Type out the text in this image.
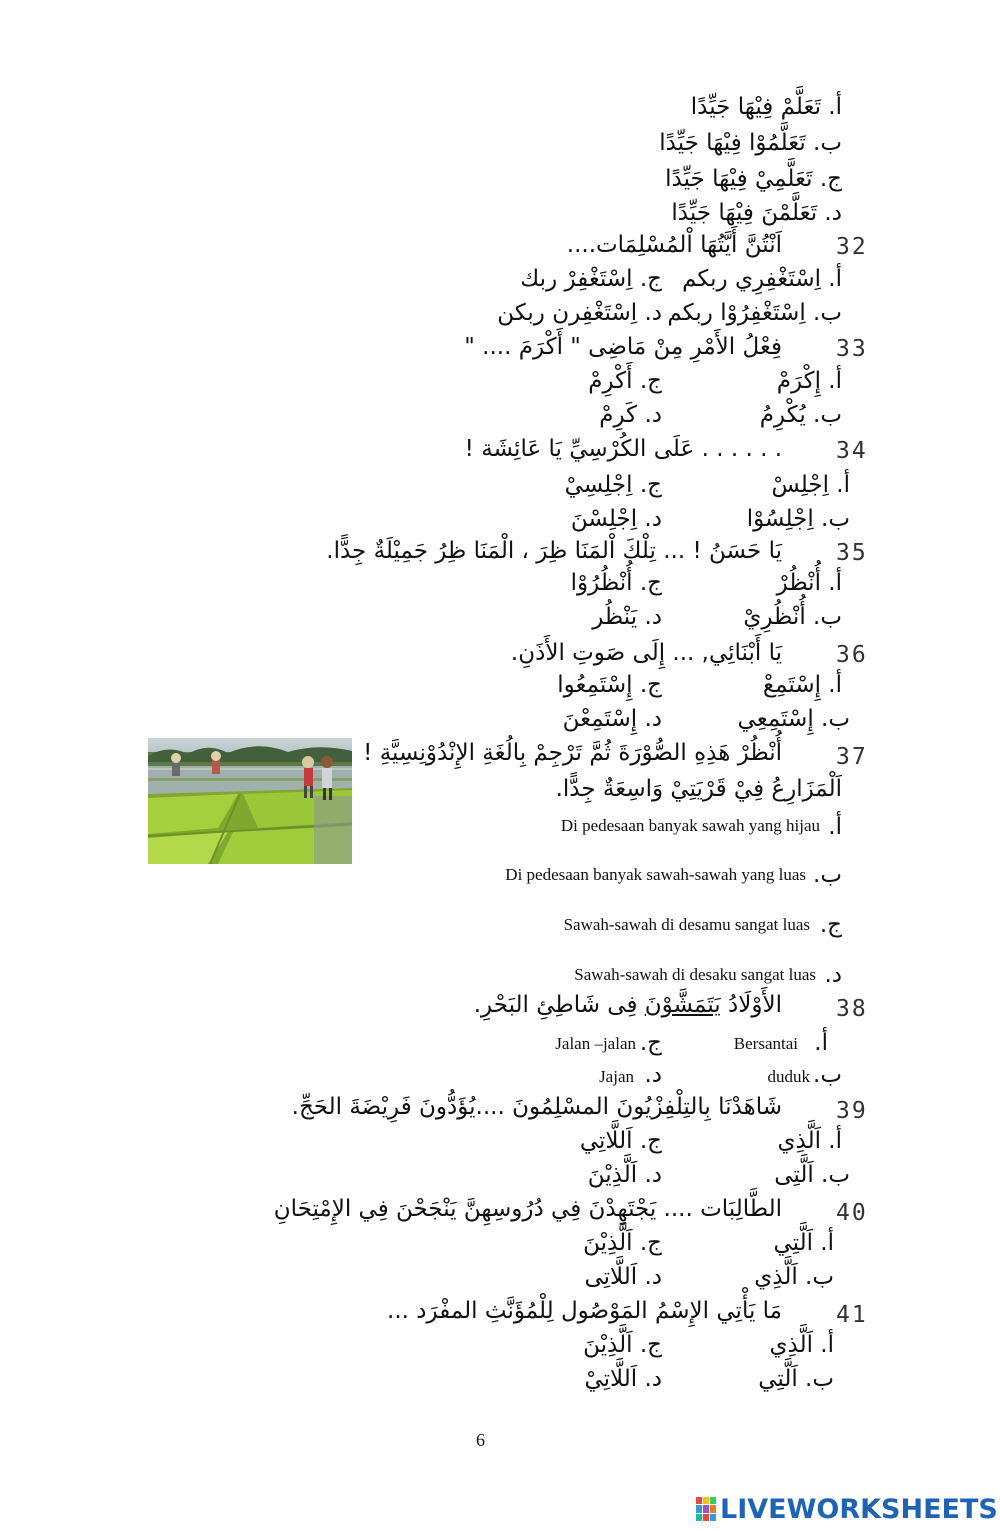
أ. تَعَلَّمْ فِيْهَا جَيِّدًا
ب. تَعَلَّمُوْا فِيْهَا جَيِّدًا
ج. تَعَلَّمِيْ فِيْهَا جَيِّدًا
د. تَعَلَّمْنَ فِيْهَا جَيِّدًا
32
اَنْتُنَّ أَيَّتُهَا اْلمُسْلِمَات....
أ. اِسْتَغْفِرِي ربكم
ج. اِسْتَغْفِرْ ربك
ب. اِسْتَغْفِرُوْا ربكم
د. اِسْتَغْفِرن ربكن
33
فِعْلُ الأَمْرِ مِنْ مَاضِى " أَكْرَمَ .... "
أ. إِكْرَمْ
ج. أَكْرِمْ
ب. يُكْرِمُ
د. كَرِمْ
34
. . . . . . عَلَى الكُرْسِيِّ يَا عَائِشَة !
أ. اِجْلِسْ
ج. اِجْلِسِيْ
ب. اِجْلِسُوْا
د. اِجْلِسْنَ
35
يَا حَسَنُ ! ... تِلْكَ اْلمَنَا ظِرَ ، الْمَنَا ظِرُ جَمِيْلَةٌ جِدًّا.
أ. أُنْظُرْ
ج. أُنْظُرُوْا
ب. أُنْظُرِيْ
د. يَنْظُر
36
يَا أَبْنَائِي, ... إِلَى صَوتِ الأَذَنِ.
أ. إِسْتَمِعْ
ج. إِسْتَمِعُوا
ب. إِسْتَمِعِي
د. إِسْتَمِعْنَ
37
أُنْظُرْ هَذِهِ الصُّوْرَةَ ثُمَّ تَرْجِمْ بِالُغَةِ الإِنْدُوْنِسِيَّةِ !
اَلْمَزَارِعُ فِيْ قَرْيَتِيْ وَاسِعَةٌ جِدًّا.
أ.
Di pedesaan banyak sawah yang hijau
ب.
Di pedesaan banyak sawah-sawah yang luas
ج.
Sawah-sawah di desamu sangat luas
د.
Sawah-sawah di desaku sangat luas
38
الأَوْلَادُ يَتَمَشَّوْنَ فِى شَاطِئِ البَحْرِ.
أ.
Bersantai
ج.
Jalan –jalan
ب.
duduk
د.
Jajan
39
شَاهَدْنَا بِالتِلْفِزْيُونَ المسْلِمُونَ ....يُؤَدُّونَ فَرِيْضَةَ الحَجِّ.
أ. اَلَّذِي
ج. اَللَّاتِي
ب. اَلَّتِى
د. اَلَّذِيْنَ
40
الطَّالِبَات .... يَجْتَهِدْنَ فِي دُرُوسِهِنَّ يَنْجَحْنَ فِي الإِمْتِحَانِ
أ. اَلَّتِي
ج. اَلَّذِيْنَ
ب. اَلَّذِي
د. اَللَّاتِى
41
مَا يَأْتِي الإِسْمُ المَوْصُول لِلْمُؤَنَّثِ المفْرَد ...
أ. اَلَّذِي
ج. اَلَّذِيْنَ
ب. اَلَّتِي
د. اَللَّاتِيْ
6
LIVEWORKSHEETS
